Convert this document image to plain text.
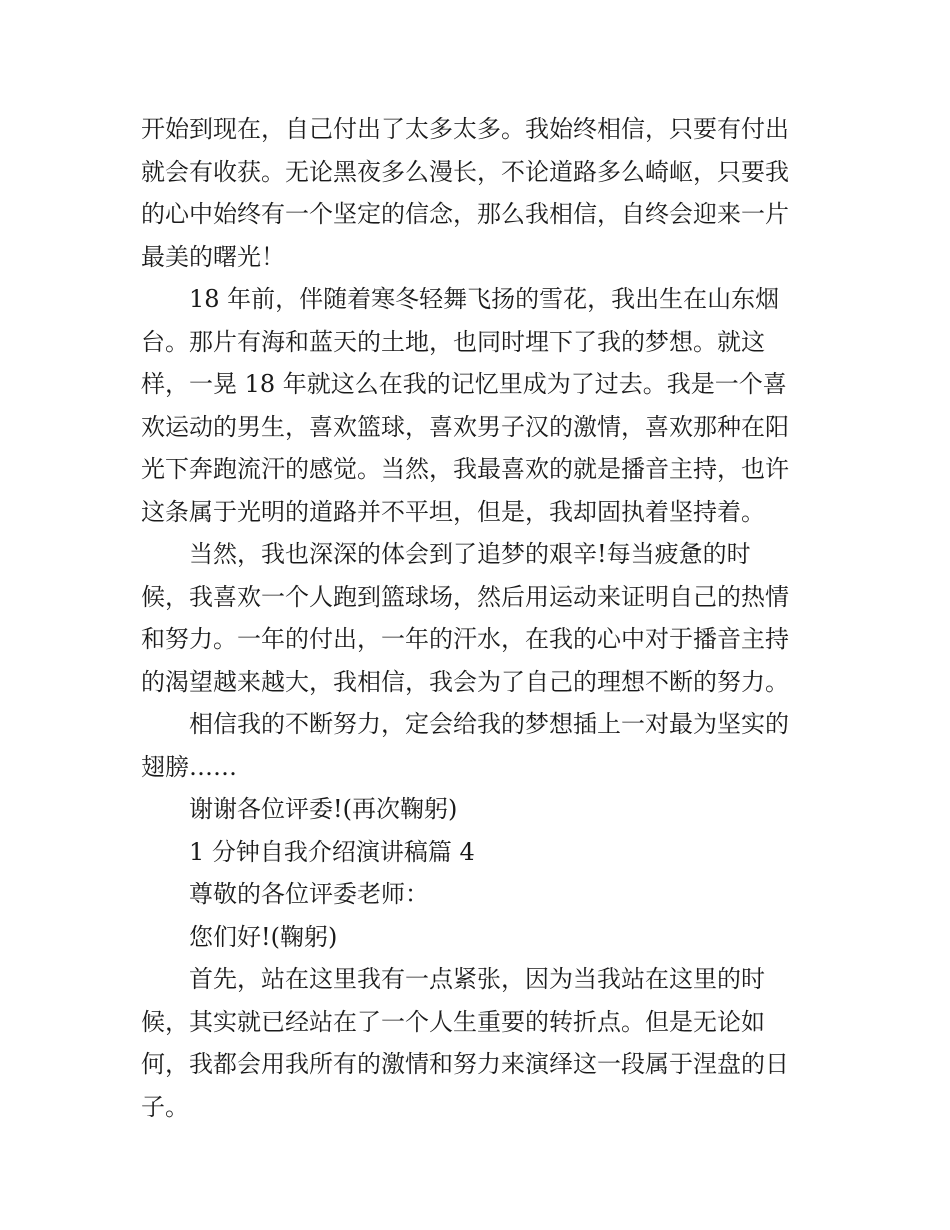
开始到现在，自己付出了太多太多。我始终相信，只要有付出
就会有收获。无论黑夜多么漫长，不论道路多么崎岖，只要我
的心中始终有一个坚定的信念，那么我相信，自终会迎来一片
最美的曙光！
18 年前，伴随着寒冬轻舞飞扬的雪花，我出生在山东烟
台。那片有海和蓝天的土地，也同时埋下了我的梦想。就这
样，一晃 18 年就这么在我的记忆里成为了过去。我是一个喜
欢运动的男生，喜欢篮球，喜欢男子汉的激情，喜欢那种在阳
光下奔跑流汗的感觉。当然，我最喜欢的就是播音主持，也许
这条属于光明的道路并不平坦，但是，我却固执着坚持着。
当然，我也深深的体会到了追梦的艰辛!每当疲惫的时
候，我喜欢一个人跑到篮球场，然后用运动来证明自己的热情
和努力。一年的付出，一年的汗水，在我的心中对于播音主持
的渴望越来越大，我相信，我会为了自己的理想不断的努力。
相信我的不断努力，定会给我的梦想插上一对最为坚实的
翅膀……
谢谢各位评委!(再次鞠躬)
1 分钟自我介绍演讲稿篇 4
尊敬的各位评委老师：
您们好!(鞠躬)
首先，站在这里我有一点紧张，因为当我站在这里的时
候，其实就已经站在了一个人生重要的转折点。但是无论如
何，我都会用我所有的激情和努力来演绎这一段属于涅盘的日
子。
